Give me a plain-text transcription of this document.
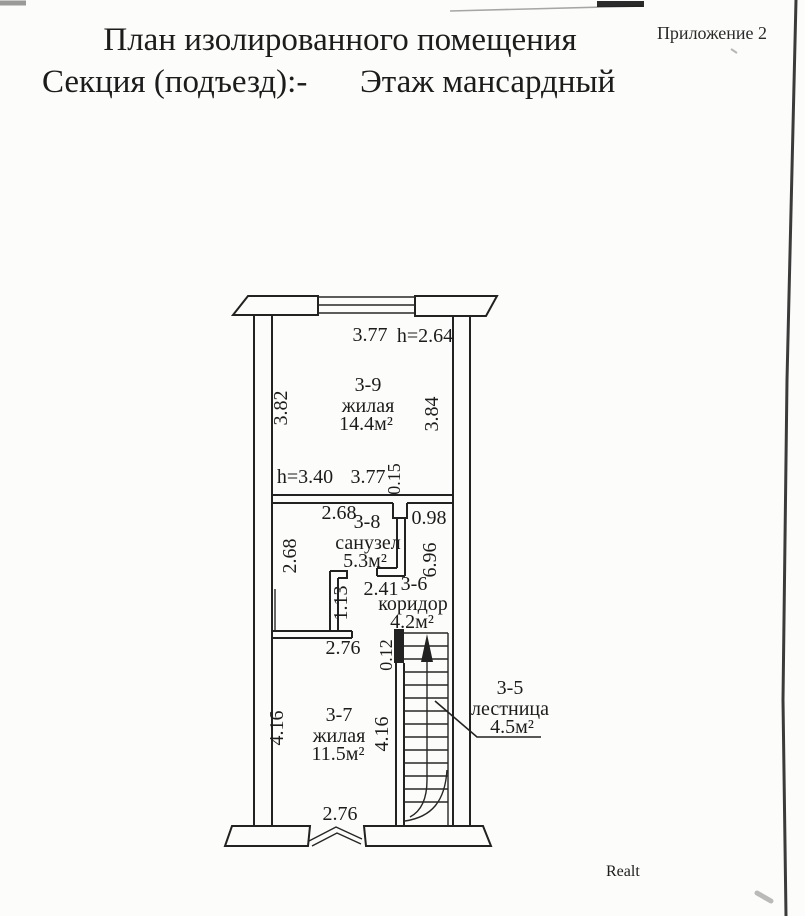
План изолированного помещения	Приложение 2
Секция (подъезд):- Этаж мансардный
Realt
3-9
жилая
14.4м²
3.77 h=2.64
3.82	3.84
h=3.40 3.77
0.15
2.68
3-8 0.98
санузел
5.3м²
2.68	6.96
1.13 2.41 3-6
коридор
4.2м²
2.76 0.12
3-7
жилая
11.5м²
4.16	4.16
2.76
3-5
лестница
4.5м²
